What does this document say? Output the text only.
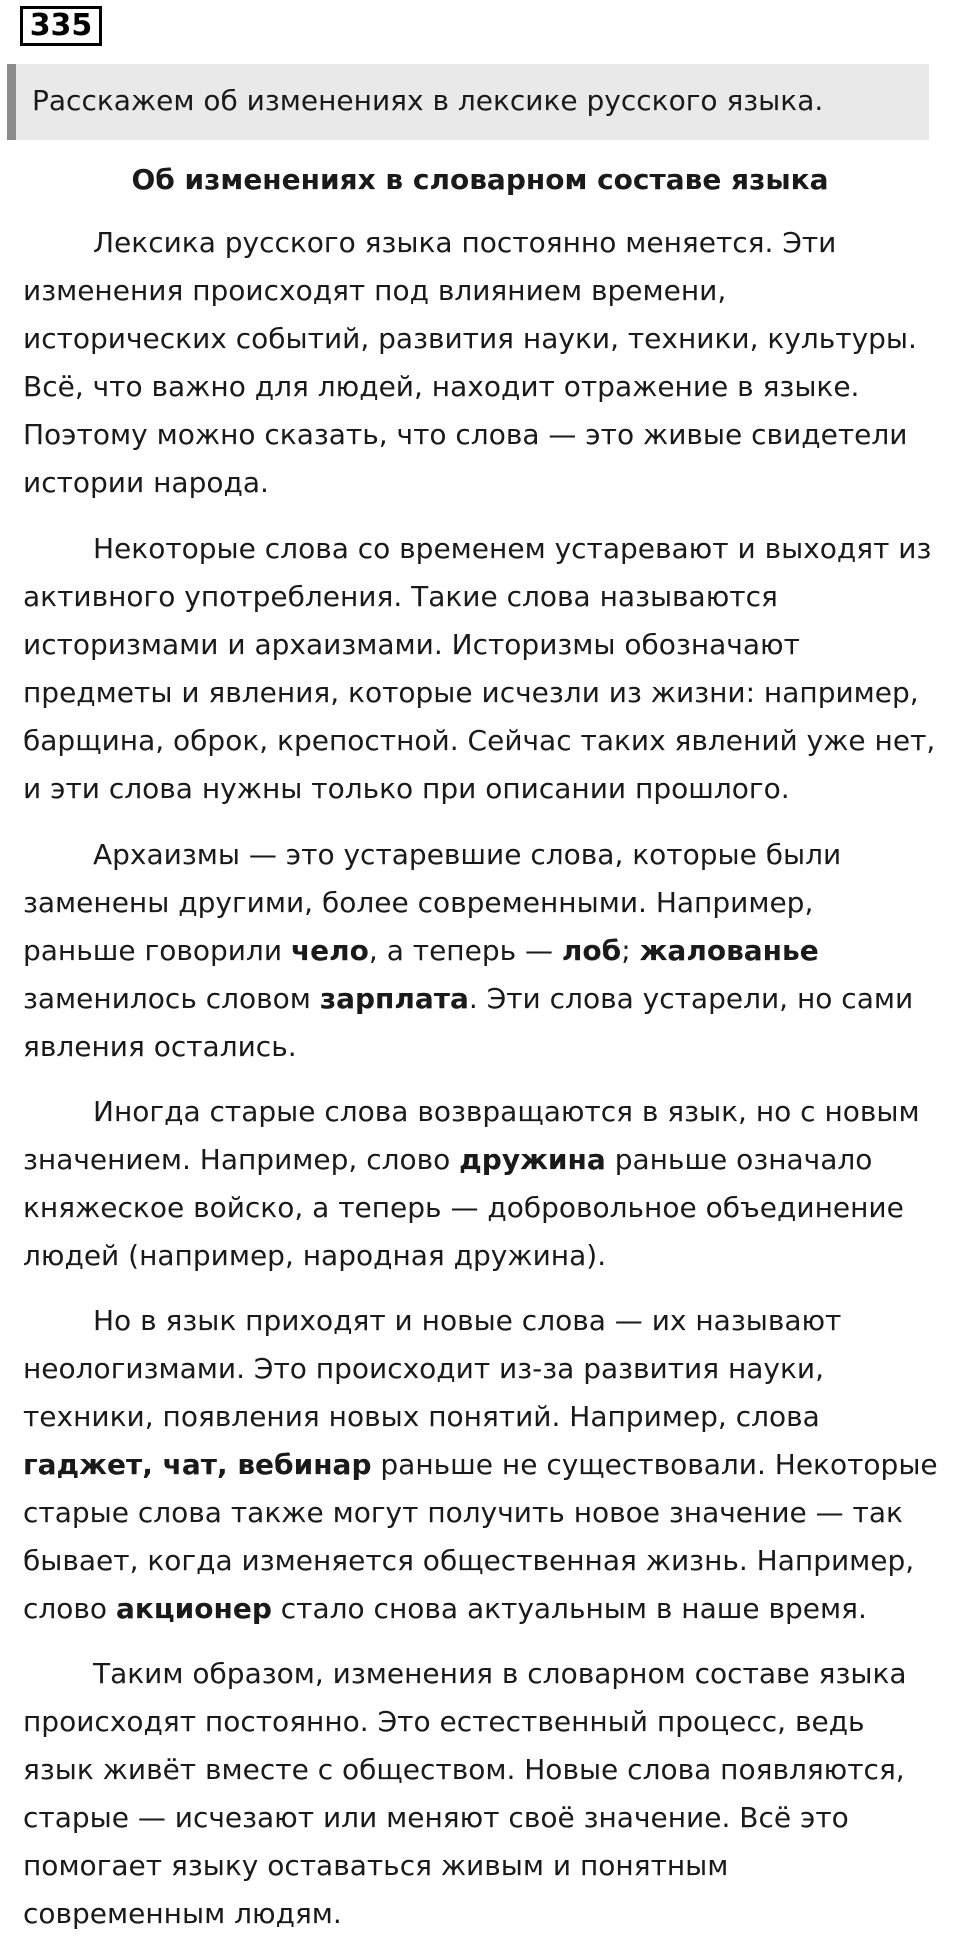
335
Расскажем об изменениях в лексике русского языка.
Об изменениях в словарном составе языка

Лексика русского языка постоянно меняется. Эти
изменения происходят под влиянием времени,
исторических событий, развития науки, техники, культуры.
Всё, что важно для людей, находит отражение в языке.
Поэтому можно сказать, что слова — это живые свидетели
истории народа.

Некоторые слова со временем устаревают и выходят из
активного употребления. Такие слова называются
историзмами и архаизмами. Историзмы обозначают
предметы и явления, которые исчезли из жизни: например,
барщина, оброк, крепостной. Сейчас таких явлений уже нет,
и эти слова нужны только при описании прошлого.

Архаизмы — это устаревшие слова, которые были
заменены другими, более современными. Например,
раньше говорили чело, а теперь — лоб; жалованье
заменилось словом зарплата. Эти слова устарели, но сами
явления остались.

Иногда старые слова возвращаются в язык, но с новым
значением. Например, слово дружина раньше означало
княжеское войско, а теперь — добровольное объединение
людей (например, народная дружина).

Но в язык приходят и новые слова — их называют
неологизмами. Это происходит из-за развития науки,
техники, появления новых понятий. Например, слова
гаджет, чат, вебинар раньше не существовали. Некоторые
старые слова также могут получить новое значение — так
бывает, когда изменяется общественная жизнь. Например,
слово акционер стало снова актуальным в наше время.

Таким образом, изменения в словарном составе языка
происходят постоянно. Это естественный процесс, ведь
язык живёт вместе с обществом. Новые слова появляются,
старые — исчезают или меняют своё значение. Всё это
помогает языку оставаться живым и понятным
современным людям.
